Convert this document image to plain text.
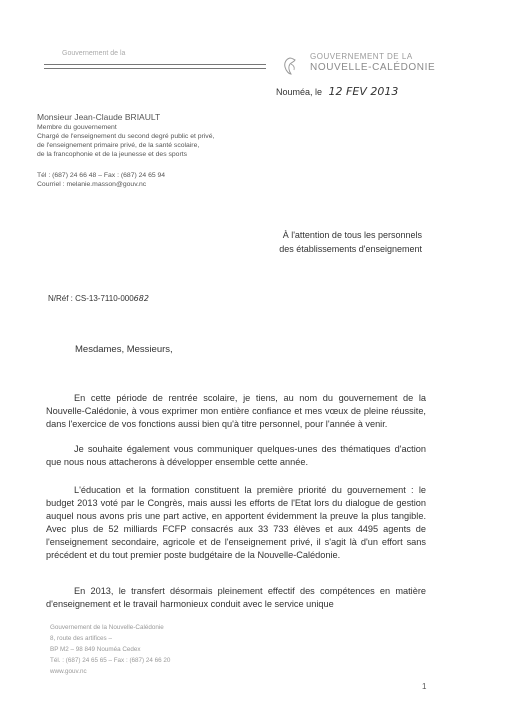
Gouvernement de la	GOUVERNEMENT DE LA
NOUVELLE-CALÉDONIE
Nouméa, le 12 FEV 2013
Monsieur Jean-Claude BRIAULT
Membre du gouvernement
Chargé de l'enseignement du second degré public et privé,
de l'enseignement primaire privé, de la santé scolaire,
de la francophonie et de la jeunesse et des sports
Tél : (687) 24 66 48 – Fax : (687) 24 65 94
Courriel : melanie.masson@gouv.nc
À l'attention de tous les personnels
des établissements d'enseignement
N/Réf : CS-13-7110-000682
Mesdames, Messieurs,

En cette période de rentrée scolaire, je tiens, au nom du gouvernement de la Nouvelle-Calédonie, à vous exprimer mon entière confiance et mes vœux de pleine réussite, dans l'exercice de vos fonctions aussi bien qu'à titre personnel, pour l'année à venir.

Je souhaite également vous communiquer quelques-unes des thématiques d'action que nous nous attacherons à développer ensemble cette année.

L'éducation et la formation constituent la première priorité du gouvernement : le budget 2013 voté par le Congrès, mais aussi les efforts de l'Etat lors du dialogue de gestion auquel nous avons pris une part active, en apportent évidemment la preuve la plus tangible. Avec plus de 52 milliards FCFP consacrés aux 33 733 élèves et aux 4495 agents de l'enseignement secondaire, agricole et de l'enseignement privé, il s'agit là d'un effort sans précédent et du tout premier poste budgétaire de la Nouvelle-Calédonie.

En 2013, le transfert désormais pleinement effectif des compétences en matière d'enseignement et le travail harmonieux conduit avec le service unique

Gouvernement de la Nouvelle-Calédonie
8, route des artifices –
BP M2 – 98 849 Nouméa Cedex
Tél. : (687) 24 65 65 – Fax : (687) 24 66 20
www.gouv.nc
1
